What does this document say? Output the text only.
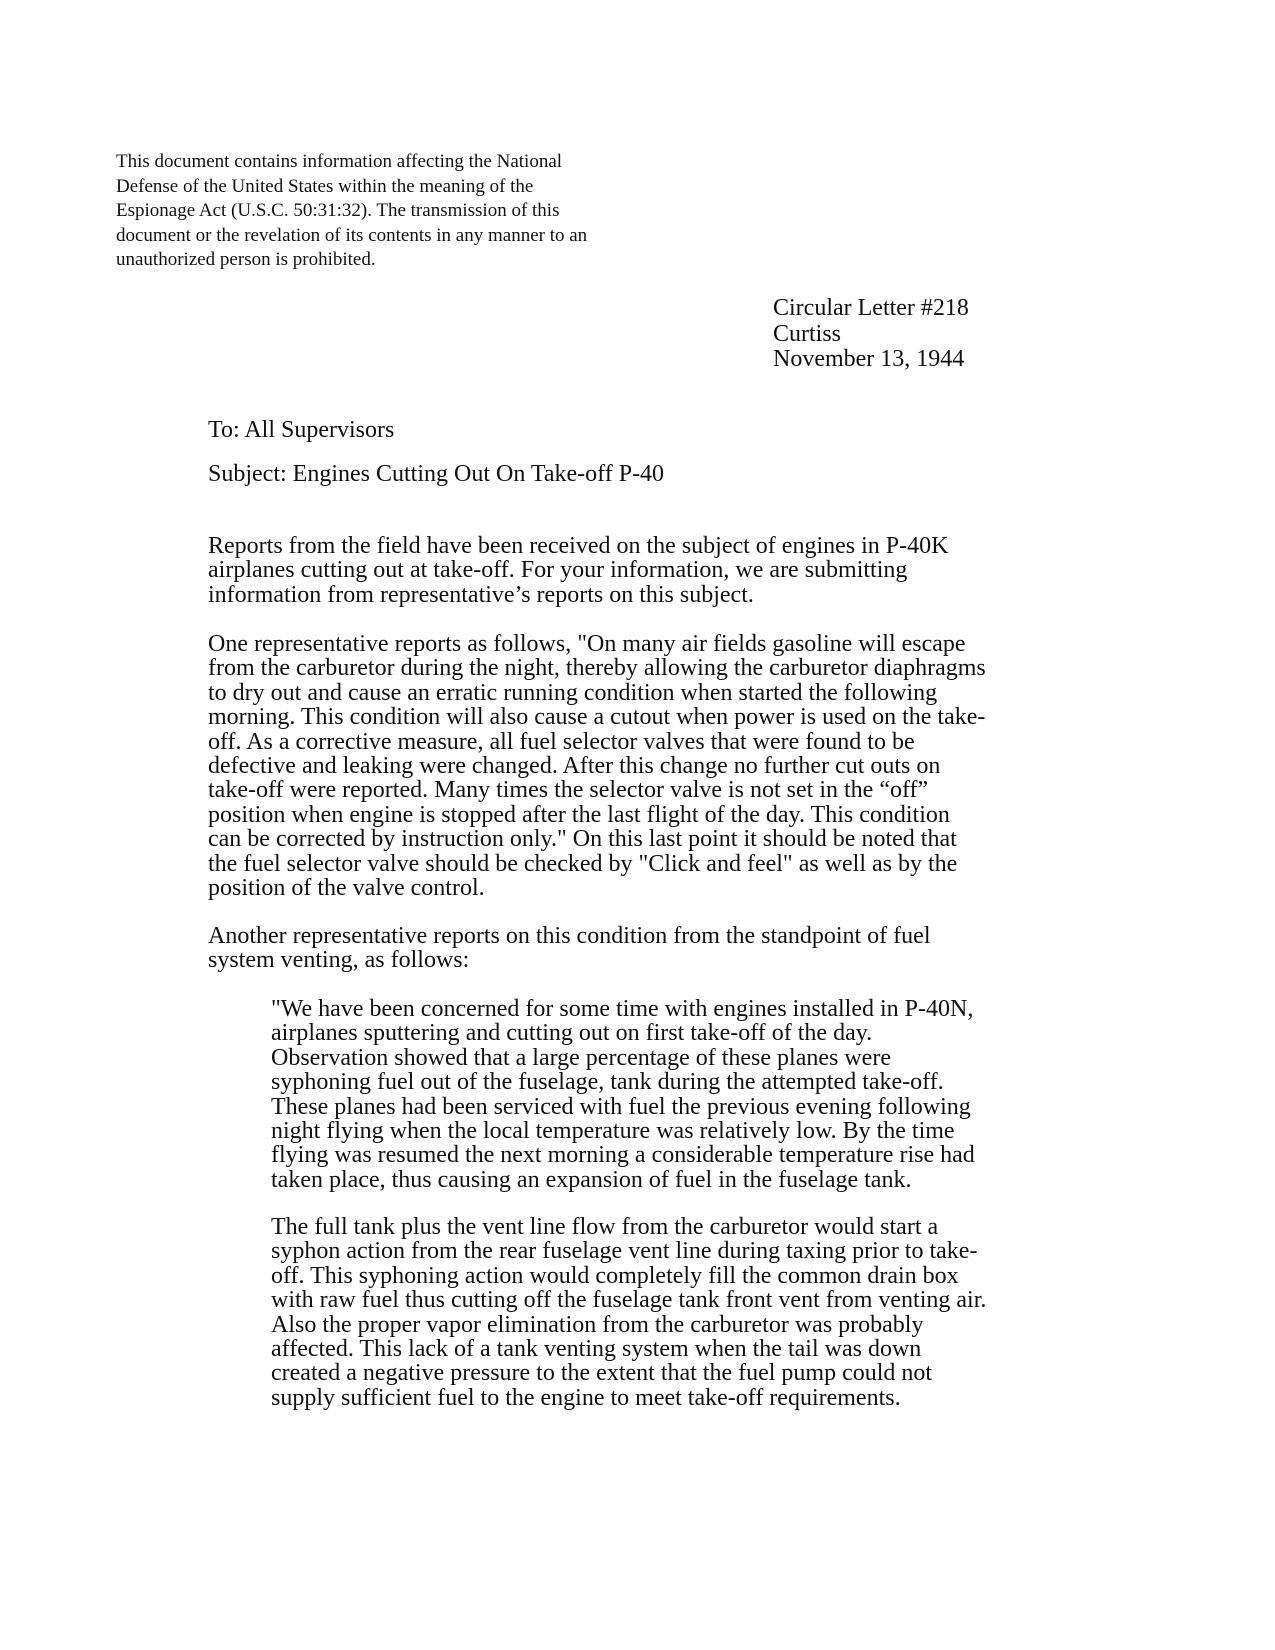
This document contains information affecting the National

Defense of the United States within the meaning of the

Espionage Act (U.S.C. 50:31:32). The transmission of this

document or the revelation of its contents in any manner to an

unauthorized person is prohibited.

Circular Letter #218
Curtiss
November 13, 1944
To: All Supervisors
Subject: Engines Cutting Out On Take-off P-40
Reports from the field have been received on the subject of engines in P-40K
airplanes cutting out at take-off. For your information, we are submitting
information from representative’s reports on this subject.
One representative reports as follows, "On many air fields gasoline will escape
from the carburetor during the night, thereby allowing the carburetor diaphragms
to dry out and cause an erratic running condition when started the following
morning. This condition will also cause a cutout when power is used on the take-
off. As a corrective measure, all fuel selector valves that were found to be
defective and leaking were changed. After this change no further cut outs on
take-off were reported. Many times the selector valve is not set in the “off”
position when engine is stopped after the last flight of the day. This condition
can be corrected by instruction only." On this last point it should be noted that
the fuel selector valve should be checked by "Click and feel" as well as by the
position of the valve control.
Another representative reports on this condition from the standpoint of fuel
system venting, as follows:
"We have been concerned for some time with engines installed in P-40N,
airplanes sputtering and cutting out on first take-off of the day.
Observation showed that a large percentage of these planes were
syphoning fuel out of the fuselage, tank during the attempted take-off.
These planes had been serviced with fuel the previous evening following
night flying when the local temperature was relatively low. By the time
flying was resumed the next morning a considerable temperature rise had
taken place, thus causing an expansion of fuel in the fuselage tank.
The full tank plus the vent line flow from the carburetor would start a
syphon action from the rear fuselage vent line during taxing prior to take-
off. This syphoning action would completely fill the common drain box
with raw fuel thus cutting off the fuselage tank front vent from venting air.
Also the proper vapor elimination from the carburetor was probably
affected. This lack of a tank venting system when the tail was down
created a negative pressure to the extent that the fuel pump could not
supply sufficient fuel to the engine to meet take-off requirements.
